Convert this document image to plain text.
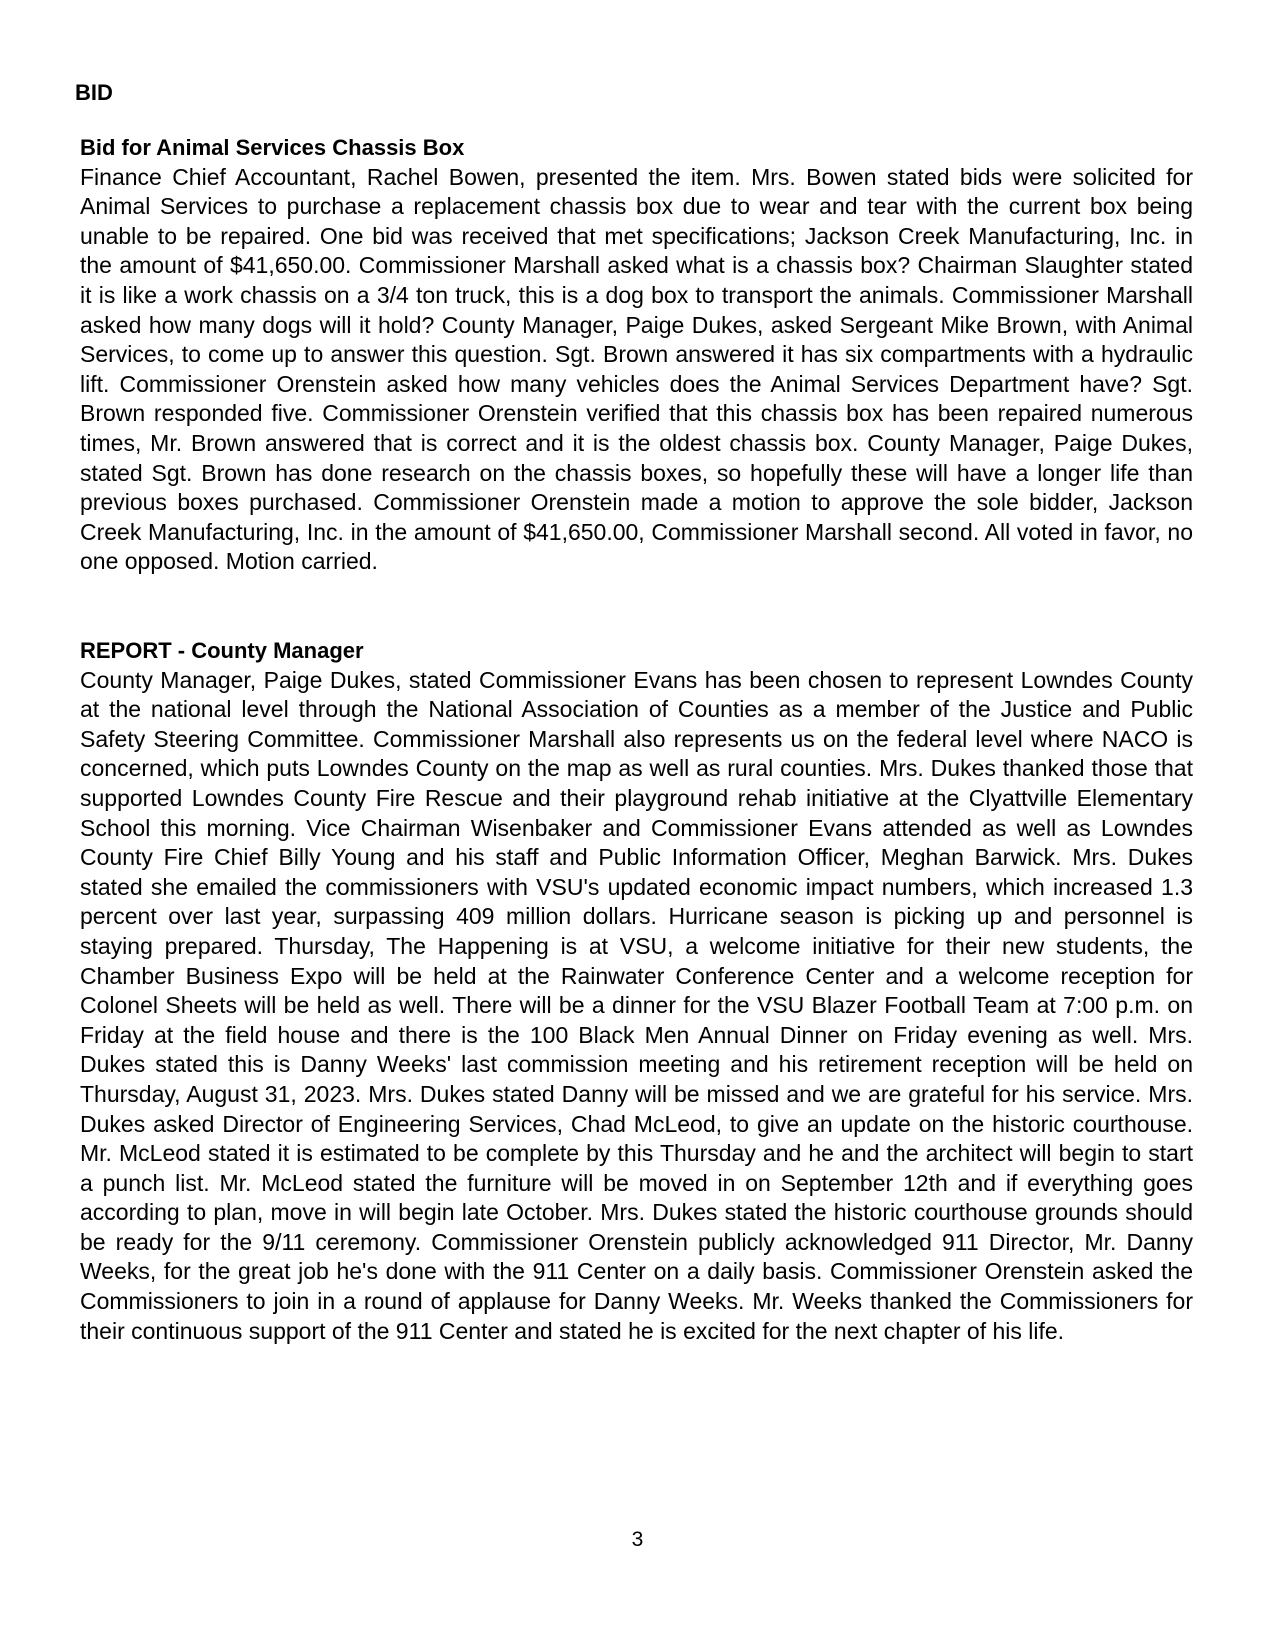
BID

Bid for Animal Services Chassis Box

Finance Chief Accountant, Rachel Bowen, presented the item. Mrs. Bowen stated bids were solicited for Animal Services to purchase a replacement chassis box due to wear and tear with the current box being unable to be repaired. One bid was received that met specifications; Jackson Creek Manufacturing, Inc. in the amount of $41,650.00. Commissioner Marshall asked what is a chassis box? Chairman Slaughter stated it is like a work chassis on a 3/4 ton truck, this is a dog box to transport the animals. Commissioner Marshall asked how many dogs will it hold? County Manager, Paige Dukes, asked Sergeant Mike Brown, with Animal Services, to come up to answer this question. Sgt. Brown answered it has six compartments with a hydraulic lift. Commissioner Orenstein asked how many vehicles does the Animal Services Department have? Sgt. Brown responded five. Commissioner Orenstein verified that this chassis box has been repaired numerous times, Mr. Brown answered that is correct and it is the oldest chassis box. County Manager, Paige Dukes, stated Sgt. Brown has done research on the chassis boxes, so hopefully these will have a longer life than previous boxes purchased. Commissioner Orenstein made a motion to approve the sole bidder, Jackson Creek Manufacturing, Inc. in the amount of $41,650.00, Commissioner Marshall second. All voted in favor, no one opposed. Motion carried.

REPORT - County Manager

County Manager, Paige Dukes, stated Commissioner Evans has been chosen to represent Lowndes County at the national level through the National Association of Counties as a member of the Justice and Public Safety Steering Committee. Commissioner Marshall also represents us on the federal level where NACO is concerned, which puts Lowndes County on the map as well as rural counties. Mrs. Dukes thanked those that supported Lowndes County Fire Rescue and their playground rehab initiative at the Clyattville Elementary School this morning. Vice Chairman Wisenbaker and Commissioner Evans attended as well as Lowndes County Fire Chief Billy Young and his staff and Public Information Officer, Meghan Barwick. Mrs. Dukes stated she emailed the commissioners with VSU's updated economic impact numbers, which increased 1.3 percent over last year, surpassing 409 million dollars. Hurricane season is picking up and personnel is staying prepared. Thursday, The Happening is at VSU, a welcome initiative for their new students, the Chamber Business Expo will be held at the Rainwater Conference Center and a welcome reception for Colonel Sheets will be held as well. There will be a dinner for the VSU Blazer Football Team at 7:00 p.m. on Friday at the field house and there is the 100 Black Men Annual Dinner on Friday evening as well. Mrs. Dukes stated this is Danny Weeks' last commission meeting and his retirement reception will be held on Thursday, August 31, 2023. Mrs. Dukes stated Danny will be missed and we are grateful for his service. Mrs. Dukes asked Director of Engineering Services, Chad McLeod, to give an update on the historic courthouse. Mr. McLeod stated it is estimated to be complete by this Thursday and he and the architect will begin to start a punch list. Mr. McLeod stated the furniture will be moved in on September 12th and if everything goes according to plan, move in will begin late October. Mrs. Dukes stated the historic courthouse grounds should be ready for the 9/11 ceremony. Commissioner Orenstein publicly acknowledged 911 Director, Mr. Danny Weeks, for the great job he's done with the 911 Center on a daily basis. Commissioner Orenstein asked the Commissioners to join in a round of applause for Danny Weeks. Mr. Weeks thanked the Commissioners for their continuous support of the 911 Center and stated he is excited for the next chapter of his life.

3
